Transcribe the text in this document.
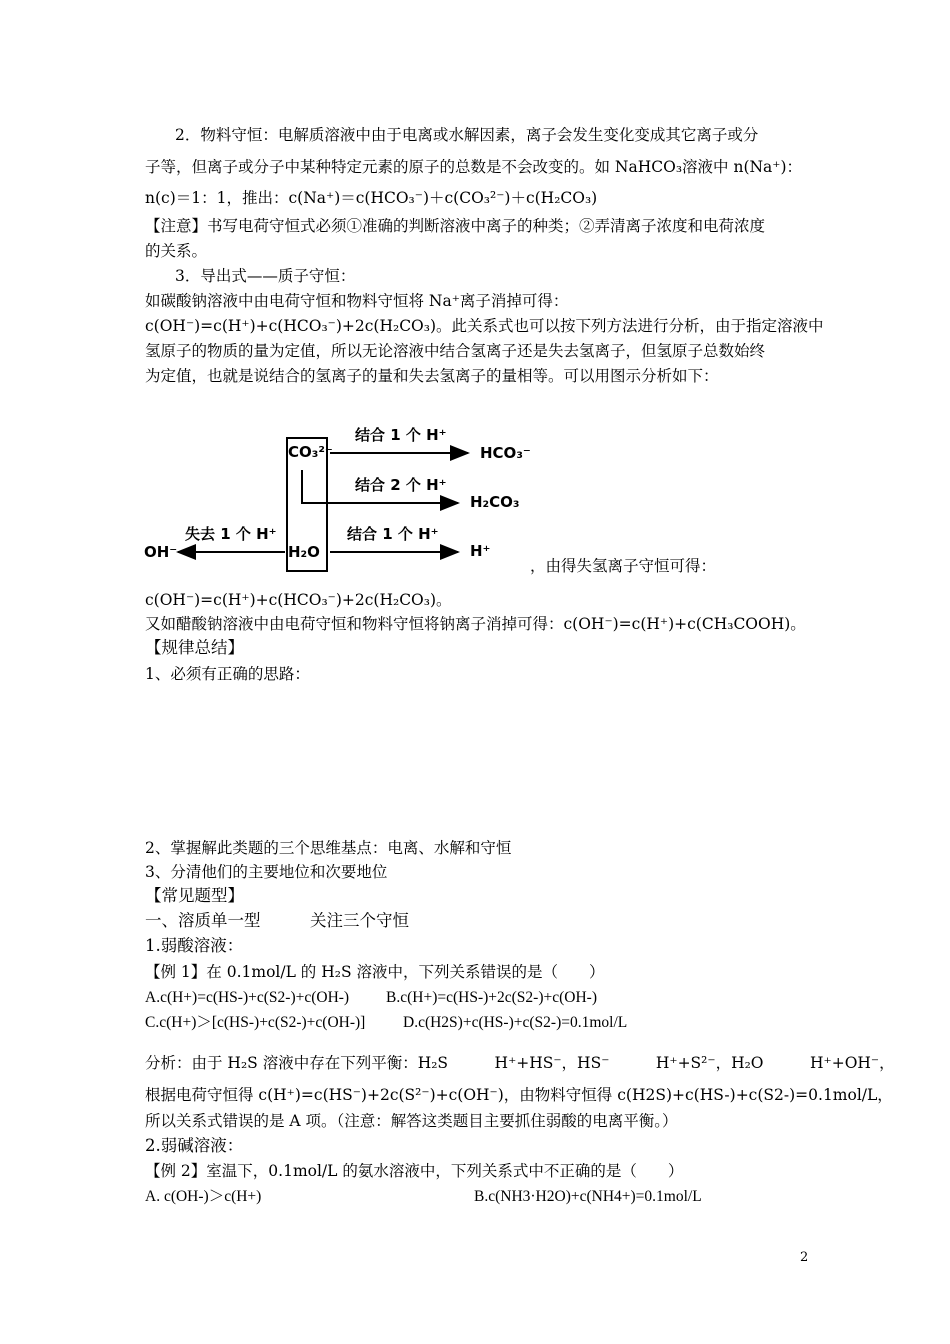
2．物料守恒：电解质溶液中由于电离或水解因素，离子会发生变化变成其它离子或分
子等，但离子或分子中某种特定元素的原子的总数是不会改变的。如 NaHCO₃溶液中 n(Na⁺)：
n(c)＝1：1，推出：c(Na⁺)＝c(HCO₃⁻)＋c(CO₃²⁻)＋c(H₂CO₃)
【注意】书写电荷守恒式必须①准确的判断溶液中离子的种类；②弄清离子浓度和电荷浓度
的关系。
3．导出式——质子守恒：
如碳酸钠溶液中由电荷守恒和物料守恒将 Na⁺离子消掉可得：
c(OH⁻)=c(H⁺)+c(HCO₃⁻)+2c(H₂CO₃)。此关系式也可以按下列方法进行分析，由于指定溶液中
氢原子的物质的量为定值，所以无论溶液中结合氢离子还是失去氢离子，但氢原子总数始终
为定值，也就是说结合的氢离子的量和失去氢离子的量相等。可以用图示分析如下：
CO₃²⁻
结合 1 个 H⁺
HCO₃⁻
结合 2 个 H⁺
H₂CO₃
H₂O
结合 1 个 H⁺
H⁺
失去 1 个 H⁺
OH⁻
，由得失氢离子守恒可得：
c(OH⁻)=c(H⁺)+c(HCO₃⁻)+2c(H₂CO₃)。
又如醋酸钠溶液中由电荷守恒和物料守恒将钠离子消掉可得：c(OH⁻)=c(H⁺)+c(CH₃COOH)。
【规律总结】
1、必须有正确的思路：
2、掌握解此类题的三个思维基点：电离、水解和守恒
3、分清他们的主要地位和次要地位
【常见题型】
一、溶质单一型　　　关注三个守恒
1.弱酸溶液：
【例 1】在 0.1mol/L 的 H₂S 溶液中，下列关系错误的是（　　）
A.c(H+)=c(HS-)+c(S2-)+c(OH-) B.c(H+)=c(HS-)+2c(S2-)+c(OH-)
C.c(H+)＞[c(HS-)+c(S2-)+c(OH-)] D.c(H2S)+c(HS-)+c(S2-)=0.1mol/L
分析：由于 H₂S 溶液中存在下列平衡：H₂S　　　H⁺+HS⁻，HS⁻　　　H⁺+S²⁻，H₂O　　　H⁺+OH⁻，
根据电荷守恒得 c(H⁺)=c(HS⁻)+2c(S²⁻)+c(OH⁻)，由物料守恒得 c(H2S)+c(HS-)+c(S2-)=0.1mol/L，
所以关系式错误的是 A 项。（注意：解答这类题目主要抓住弱酸的电离平衡。）
2.弱碱溶液：
【例 2】室温下，0.1mol/L 的氨水溶液中，下列关系式中不正确的是（　　）
A. c(OH-)＞c(H+)	B.c(NH3·H2O)+c(NH4+)=0.1mol/L
2
